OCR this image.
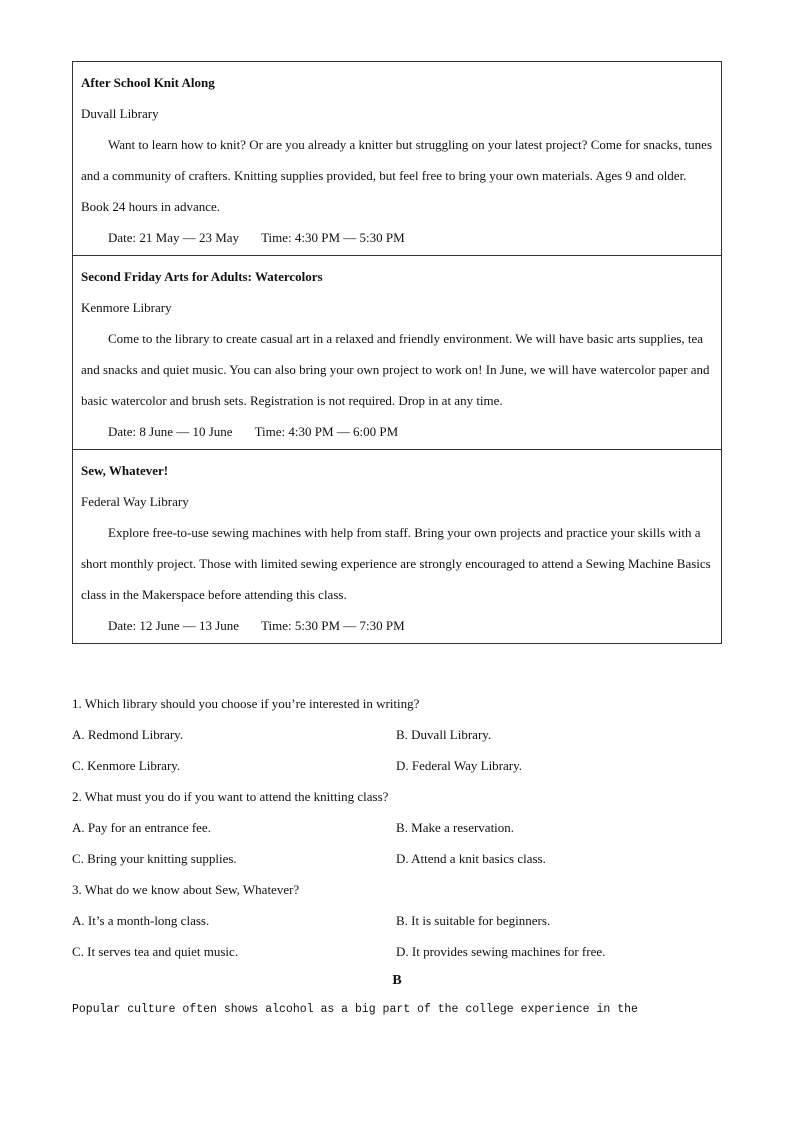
After School Knit Along
Duvall Library

Want to learn how to knit? Or are you already a knitter but struggling on your latest project? Come for snacks, tunes and a community of crafters. Knitting supplies provided, but feel free to bring your own materials. Ages 9 and older. Book 24 hours in advance.

Date: 21 May — 23 May Time: 4:30 PM — 5:30 PM
Second Friday Arts for Adults: Watercolors
Kenmore Library

Come to the library to create casual art in a relaxed and friendly environment. We will have basic arts supplies, tea and snacks and quiet music. You can also bring your own project to work on! In June, we will have watercolor paper and basic watercolor and brush sets. Registration is not required. Drop in at any time.

Date: 8 June — 10 June Time: 4:30 PM — 6:00 PM
Sew, Whatever!
Federal Way Library

Explore free-to-use sewing machines with help from staff. Bring your own projects and practice your skills with a short monthly project. Those with limited sewing experience are strongly encouraged to attend a Sewing Machine Basics class in the Makerspace before attending this class.

Date: 12 June — 13 June Time: 5:30 PM — 7:30 PM
1. Which library should you choose if you’re interested in writing?
A. Redmond Library.	B. Duvall Library.
C. Kenmore Library.	D. Federal Way Library.
2. What must you do if you want to attend the knitting class?
A. Pay for an entrance fee.	B. Make a reservation.
C. Bring your knitting supplies.	D. Attend a knit basics class.
3. What do we know about Sew, Whatever?
A. It’s a month-long class.	B. It is suitable for beginners.
C. It serves tea and quiet music.	D. It provides sewing machines for free.
B
Popular culture often shows alcohol as a big part of the college experience in the
